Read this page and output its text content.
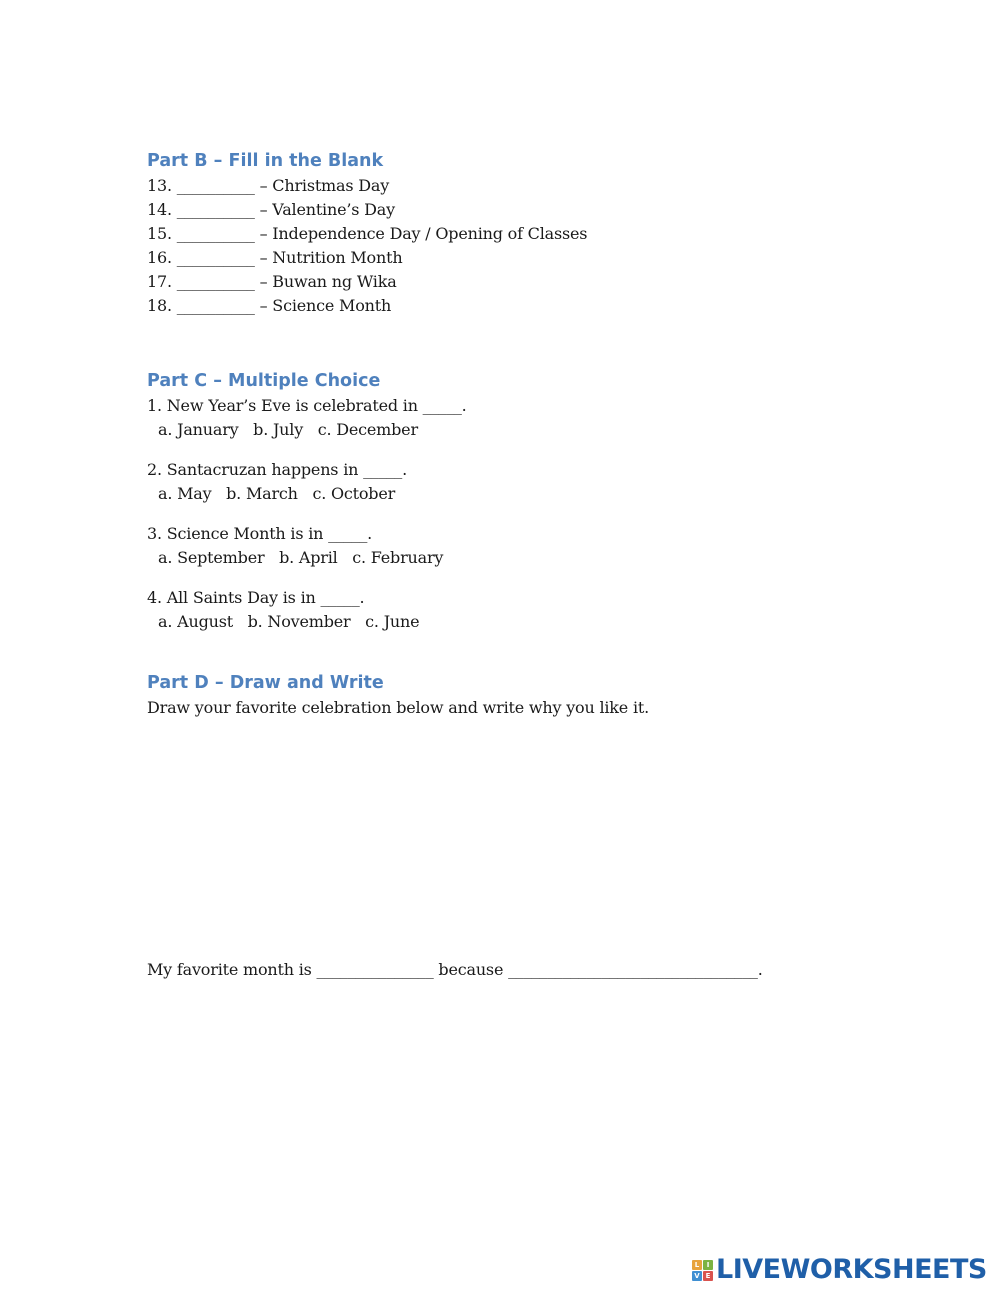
Part B – Fill in the Blank
13. __________ – Christmas Day
14. __________ – Valentine’s Day
15. __________ – Independence Day / Opening of Classes
16. __________ – Nutrition Month
17. __________ – Buwan ng Wika
18. __________ – Science Month
Part C – Multiple Choice
1. New Year’s Eve is celebrated in _____.
a. January   b. July   c. December
2. Santacruzan happens in _____.
a. May   b. March   c. October
3. Science Month is in _____.
a. September   b. April   c. February
4. All Saints Day is in _____.
a. August   b. November   c. June
Part D – Draw and Write
Draw your favorite celebration below and write why you like it.
My favorite month is _______________ because ________________________________.
L	I
V E LIVEWORKSHEETS
